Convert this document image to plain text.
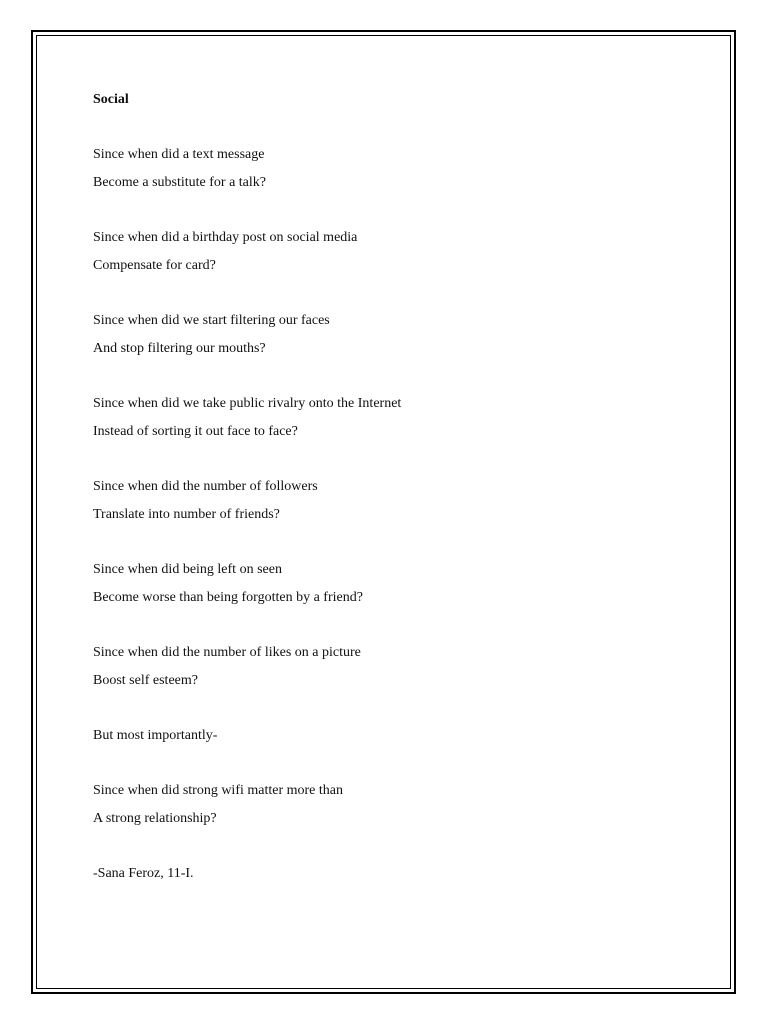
Social
Since when did a text message
Become a substitute for a talk?
Since when did a birthday post on social media
Compensate for card?
Since when did we start filtering our faces
And stop filtering our mouths?
Since when did we take public rivalry onto the Internet
Instead of sorting it out face to face?
Since when did the number of followers
Translate into number of friends?
Since when did being left on seen
Become worse than being forgotten by a friend?
Since when did the number of likes on a picture
Boost self esteem?
But most importantly-
Since when did strong wifi matter more than
A strong relationship?
-Sana Feroz, 11-I.
